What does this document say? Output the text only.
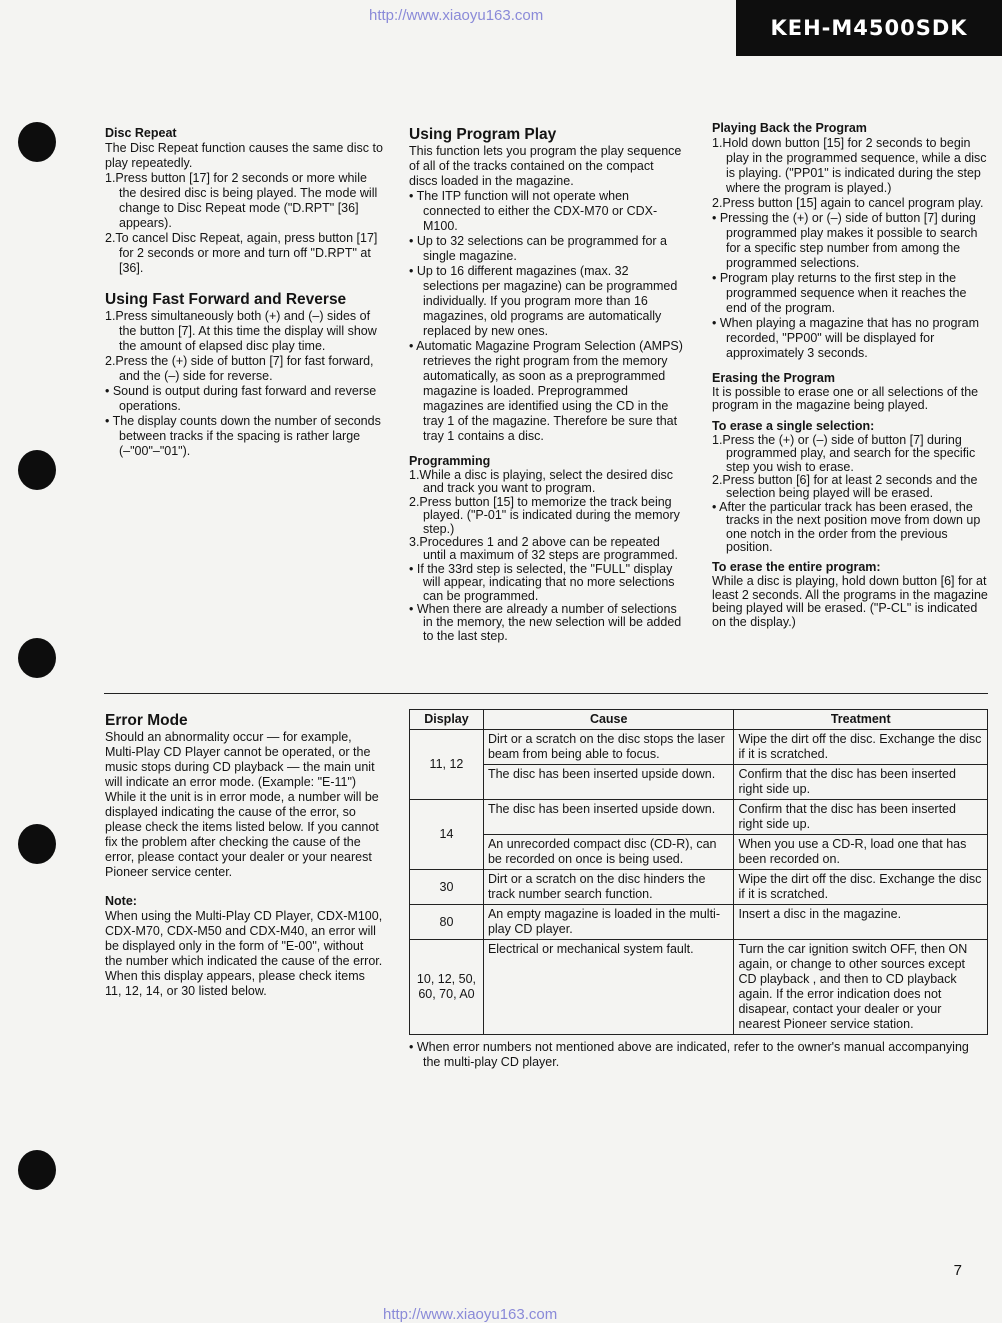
http://www.xiaoyu163.com
KEH-M4500SDK

Disc Repeat

The Disc Repeat function causes the same disc to play repeatedly.

1.Press button [17] for 2 seconds or more while the desired disc is being played. The mode will change to Disc Repeat mode ("D.RPT" [36] appears).
2.To cancel Disc Repeat, again, press button [17] for 2 seconds or more and turn off "D.RPT" at [36].

Using Fast Forward and Reverse

1.Press simultaneously both (+) and (–) sides of the button [7]. At this time the display will show the amount of elapsed disc play time.
2.Press the (+) side of button [7] for fast forward, and the (–) side for reverse.
• Sound is output during fast forward and reverse operations.
• The display counts down the number of seconds between tracks if the spacing is rather large (–"00"–"01").

Using Program Play

This function lets you program the play sequence of all of the tracks contained on the compact discs loaded in the magazine.

• The ITP function will not operate when connected to either the CDX-M70 or CDX-M100.
• Up to 32 selections can be programmed for a single magazine.
• Up to 16 different magazines (max. 32 selections per magazine) can be programmed individually. If you program more than 16 magazines, old programs are automatically replaced by new ones.
• Automatic Magazine Program Selection (AMPS) retrieves the right program from the memory automatically, as soon as a preprogrammed magazine is loaded. Preprogrammed magazines are identified using the CD in the tray 1 of the magazine. Therefore be sure that tray 1 contains a disc.

Programming

1.While a disc is playing, select the desired disc and track you want to program.
2.Press button [15] to memorize the track being played. ("P-01" is indicated during the memory step.)
3.Procedures 1 and 2 above can be repeated until a maximum of 32 steps are programmed.
• If the 33rd step is selected, the "FULL" display will appear, indicating that no more selections can be programmed.
• When there are already a number of selections in the memory, the new selection will be added to the last step.

Playing Back the Program

1.Hold down button [15] for 2 seconds to begin play in the programmed sequence, while a disc is playing. ("PP01" is indicated during the step where the program is played.)
2.Press button [15] again to cancel program play.
• Pressing the (+) or (–) side of button [7] during programmed play makes it possible to search for a specific step number from among the programmed selections.
• Program play returns to the first step in the programmed sequence when it reaches the end of the program.
• When playing a magazine that has no program recorded, "PP00" will be displayed for approximately 3 seconds.

Erasing the Program

It is possible to erase one or all selections of the program in the magazine being played.

To erase a single selection:

1.Press the (+) or (–) side of button [7] during programmed play, and search for the specific step you wish to erase.
2.Press button [6] for at least 2 seconds and the selection being played will be erased.
• After the particular track has been erased, the tracks in the next position move from down up one notch in the order from the previous position.

To erase the entire program:

While a disc is playing, hold down button [6] for at least 2 seconds. All the programs in the magazine being played will be erased. ("P-CL" is indicated on the display.)

Error Mode

Should an abnormality occur — for example, Multi-Play CD Player cannot be operated, or the music stops during CD playback — the main unit will indicate an error mode. (Example: "E-11") While it the unit is in error mode, a number will be displayed indicating the cause of the error, so please check the items listed below. If you cannot fix the problem after checking the cause of the error, please contact your dealer or your nearest Pioneer service center.

Note:

When using the Multi-Play CD Player, CDX-M100, CDX-M70, CDX-M50 and CDX-M40, an error will be displayed only in the form of "E-00", without the number which indicated the cause of the error. When this display appears, please check items 11, 12, 14, or 30 listed below.

Display	Cause	Treatment
11, 12	Dirt or a scratch on the disc stops the laser beam from being able to focus.	Wipe the dirt off the disc. Exchange the disc if it is scratched.
	The disc has been inserted upside down.	Confirm that the disc has been inserted right side up.
14	The disc has been inserted upside down.	Confirm that the disc has been inserted right side up.
	An unrecorded compact disc (CD-R), can be recorded on once is being used.	When you use a CD-R, load one that has been recorded on.
30	Dirt or a scratch on the disc hinders the track number search function.	Wipe the dirt off the disc. Exchange the disc if it is scratched.
80	An empty magazine is loaded in the multi-play CD player.	Insert a disc in the magazine.
10, 12, 50, 60, 70, A0	Electrical or mechanical system fault.	Turn the car ignition switch OFF, then ON again, or change to other sources except CD playback , and then to CD playback again. If the error indication does not disapear, contact your dealer or your nearest Pioneer service station.

• When error numbers not mentioned above are indicated, refer to the owner's manual accompanying the multi-play CD player.

7
http://www.xiaoyu163.com
